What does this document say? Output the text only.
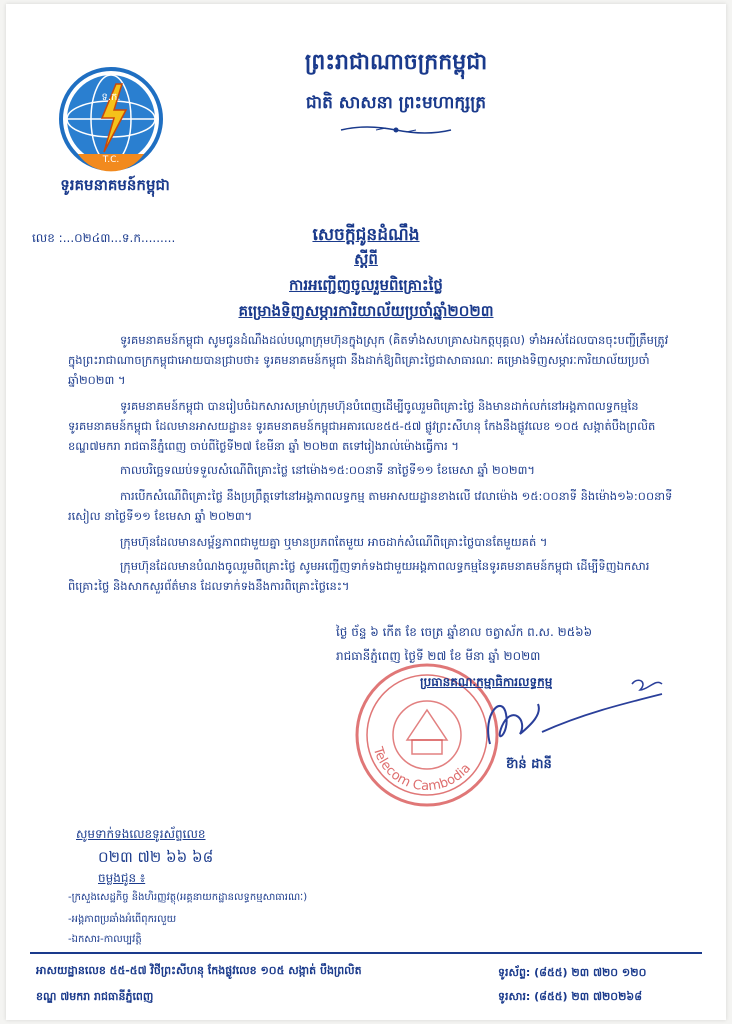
ព្រះរាជាណាចក្រកម្ពុជា
ជាតិ សាសនា ព្រះមហាក្សត្រ
ទ.ក.
T.C.
ទូរគមនាគមន៍កម្ពុជា
លេខ :...០២៤៣...ទ.ក.........	សេចក្ដីជូនដំណឹង
ស្ដីពី
ការអញ្ជើញចូលរួមពិគ្រោះថ្លៃ
គម្រោងទិញសម្ភារការិយាល័យប្រចាំឆ្នាំ២០២៣
ទូរគមនាគមន៍កម្ពុជា សូមជូនដំណឹងដល់បណ្តាក្រុមហ៊ុនក្នុងស្រុក (គិតទាំងសហគ្រាសឯកត្តបុគ្គល) ទាំងអស់ដែលបានចុះបញ្ជីត្រឹមត្រូវក្នុងព្រះរាជាណាចក្រកម្ពុជាអោយបានជ្រាបថា៖ ទូរគមនាគមន៍កម្ពុជា នឹងដាក់ឱ្យពិគ្រោះថ្លៃជាសាធារណៈ គម្រោងទិញសម្ភារៈការិយាល័យប្រចាំឆ្នាំ២០២៣ ។
ទូរគមនាគមន៍កម្ពុជា បានរៀបចំឯកសារសម្រាប់ក្រុមហ៊ុនបំពេញដើម្បីចូលរួមពិគ្រោះថ្លៃ និងមានដាក់លក់នៅអង្គភាពលទ្ធកម្មនៃទូរគមនាគមន៍កម្ពុជា ដែលមានអាសយដ្ឋាន៖ ទូរគមនាគមន៍កម្ពុជាអគារលេខ៥៥-៥៧ ផ្លូវព្រះសីហនុ កែងនឹងផ្លូវលេខ ១០៥ សង្កាត់បឹងព្រលិត ខណ្ឌ៧មករា រាជធានីភ្នំពេញ ចាប់ពីថ្ងៃទី២៧ ខែមីនា ឆ្នាំ ២០២៣ តទៅរៀងរាល់ម៉ោងធ្វើការ ។
កាលបរិច្ឆេទឈប់ទទួលសំណើពិគ្រោះថ្លៃ នៅម៉ោង១៥:០០នាទី នាថ្ងៃទី១១ ខែមេសា ឆ្នាំ ២០២៣។
ការបើកសំណើពិគ្រោះថ្លៃ នឹងប្រព្រឹត្តទៅនៅអង្គភាពលទ្ធកម្ម តាមអាសយដ្ឋានខាងលើ វេលាម៉ោង ១៥:០០នាទី និងម៉ោង១៦:០០នាទី រសៀល នាថ្ងៃទី១១ ខែមេសា ឆ្នាំ ២០២៣។
ក្រុមហ៊ុនដែលមានសម្ព័ន្ធភាពជាមួយគ្នា ឬមានប្រភពតែមួយ អាចដាក់សំណើពិគ្រោះថ្លៃបានតែមួយគត់ ។
ក្រុមហ៊ុនដែលមានបំណងចូលរួមពិគ្រោះថ្លៃ សូមអញ្ជើញទាក់ទងជាមួយអង្គភាពលទ្ធកម្មនៃទូរគមនាគមន៍កម្ពុជា ដើម្បីទិញឯកសារពិគ្រោះថ្លៃ និងសាកសួរព័ត៌មាន ដែលទាក់ទងនឹងការពិគ្រោះថ្លៃនេះ។
ថ្ងៃ ច័ន្ទ ៦ កើត ខែ ចេត្រ ឆ្នាំខាល ចត្វាស័ក ព.ស. ២៥៦៦
រាជធានីភ្នំពេញ ថ្ងៃទី ២៧ ខែ មីនា ឆ្នាំ ២០២៣
Telecom Cambodia
ប្រធានគណៈកម្មាធិការលទ្ធកម្ម
ខ៊ាន់ ដានី
សូមទាក់ទងលេខទូរស័ព្ទលេខ
០២៣ ៧២ ៦៦ ៦៨
ចម្លងជូន ៖
-ក្រសួងសេដ្ឋកិច្ច និងហិរញ្ញវត្ថុ(អគ្គនាយកដ្ឋានលទ្ធកម្មសាធារណៈ)
-អង្គភាពប្រឆាំងអំពើពុករលួយ
-ឯកសារ-កាលប្បវត្តិ
អាសយដ្ឋានលេខ ៥៥-៥៧ វិថីព្រះសីហនុ កែងផ្លូវលេខ ១០៥ សង្កាត់ បឹងព្រលិត
ខណ្ឌ ៧មករា រាជធានីភ្នំពេញ
ទូរស័ព្ទ: (៨៥៥) ២៣ ៧២០ ១២០
ទូរសារ: (៨៥៥) ២៣ ៧២០២៦៨
